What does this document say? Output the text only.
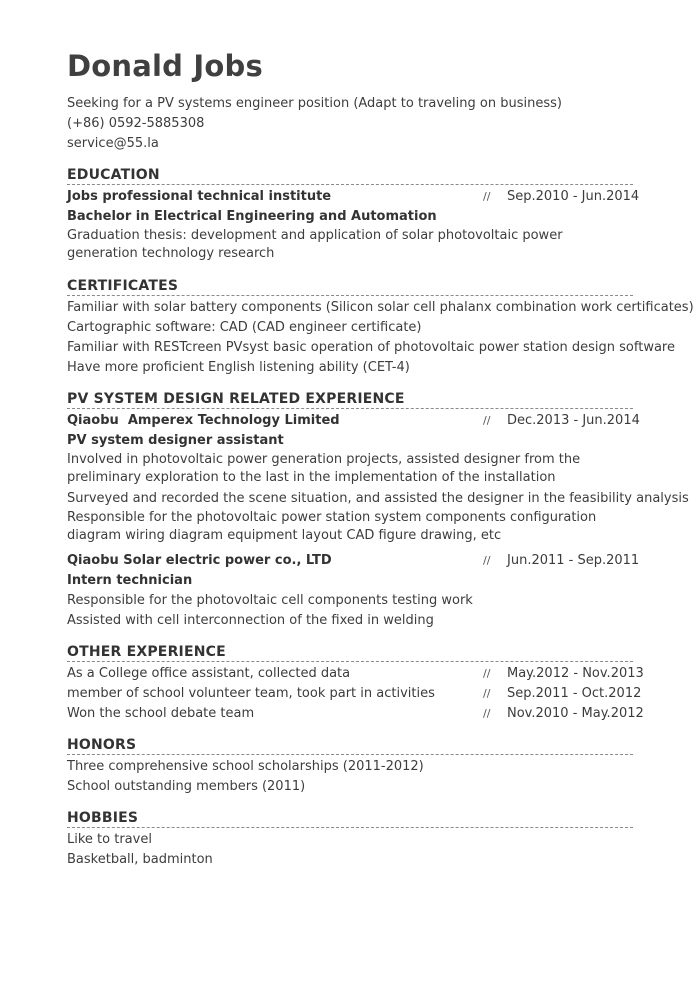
Donald Jobs
Seeking for a PV systems engineer position (Adapt to traveling on business)
(+86) 0592-5885308
service@55.la
EDUCATION
Jobs professional technical institute	//	Sep.2010 - Jun.2014
Bachelor in Electrical Engineering and Automation
Graduation thesis: development and application of solar photovoltaic power generation technology research
CERTIFICATES
Familiar with solar battery components (Silicon solar cell phalanx combination work certificates)
Cartographic software: CAD (CAD engineer certificate)
Familiar with RESTcreen PVsyst basic operation of photovoltaic power station design software
Have more proficient English listening ability (CET-4)
PV SYSTEM DESIGN RELATED EXPERIENCE
Qiaobu  Amperex Technology Limited	//	Dec.2013 - Jun.2014
PV system designer assistant
Involved in photovoltaic power generation projects, assisted designer from the preliminary exploration to the last in the implementation of the installation
Surveyed and recorded the scene situation, and assisted the designer in the feasibility analysis
Responsible for the photovoltaic power station system components configuration diagram wiring diagram equipment layout CAD figure drawing, etc
Qiaobu Solar electric power co., LTD	//	Jun.2011 - Sep.2011
Intern technician
Responsible for the photovoltaic cell components testing work
Assisted with cell interconnection of the fixed in welding
OTHER EXPERIENCE
As a College office assistant, collected data	//	May.2012 - Nov.2013
member of school volunteer team, took part in activities	//	Sep.2011 - Oct.2012
Won the school debate team	//	Nov.2010 - May.2012
HONORS
Three comprehensive school scholarships (2011-2012)
School outstanding members (2011)
HOBBIES
Like to travel
Basketball, badminton
